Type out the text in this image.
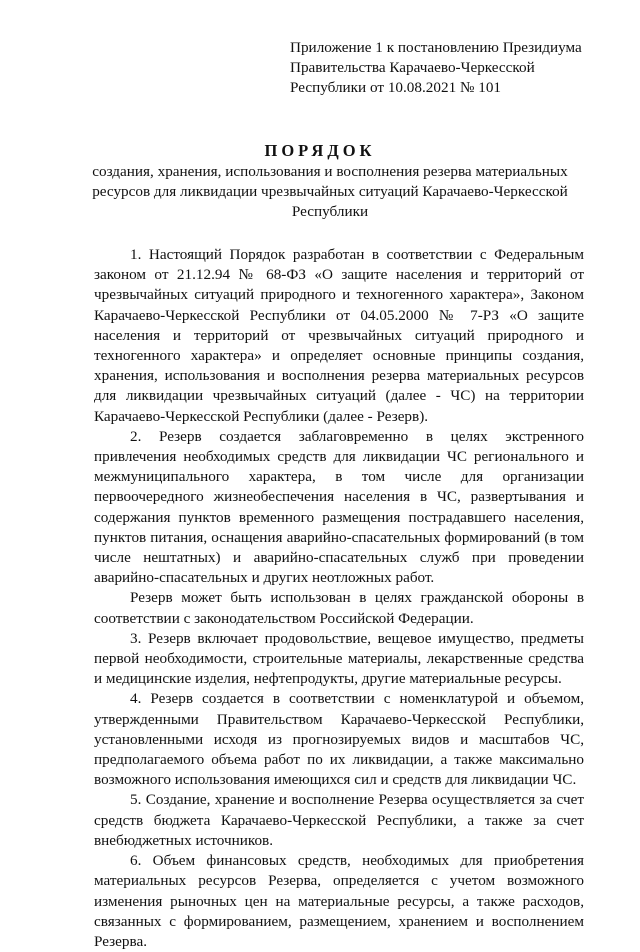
Приложение 1 к постановлению Президиума
Правительства Карачаево-Черкесской
Республики от 10.08.2021 № 101
ПОРЯДОК
создания, хранения, использования и восполнения резерва материальных ресурсов для ликвидации чрезвычайных ситуаций Карачаево-Черкесской Республики

1. Настоящий Порядок разработан в соответствии с Федеральным законом от 21.12.94 № 68-ФЗ «О защите населения и территорий от чрезвычайных ситуаций природного и техногенного характера», Законом Карачаево-Черкесской Республики от 04.05.2000 № 7-РЗ «О защите населения и территорий от чрезвычайных ситуаций природного и техногенного характера» и определяет основные принципы создания, хранения, использования и восполнения резерва материальных ресурсов для ликвидации чрезвычайных ситуаций (далее - ЧС) на территории Карачаево-Черкесской Республики (далее - Резерв).

2. Резерв создается заблаговременно в целях экстренного привлечения необходимых средств для ликвидации ЧС регионального и межмуниципального характера, в том числе для организации первоочередного жизнеобеспечения населения в ЧС, развертывания и содержания пунктов временного размещения пострадавшего населения, пунктов питания, оснащения аварийно-спасательных формирований (в том числе нештатных) и аварийно-спасательных служб при проведении аварийно-спасательных и других неотложных работ.

Резерв может быть использован в целях гражданской обороны в соответствии с законодательством Российской Федерации.

3. Резерв включает продовольствие, вещевое имущество, предметы первой необходимости, строительные материалы, лекарственные средства и медицинские изделия, нефтепродукты, другие материальные ресурсы.

4. Резерв создается в соответствии с номенклатурой и объемом, утвержденными Правительством Карачаево-Черкесской Республики, установленными исходя из прогнозируемых видов и масштабов ЧС, предполагаемого объема работ по их ликвидации, а также максимально возможного использования имеющихся сил и средств для ликвидации ЧС.

5. Создание, хранение и восполнение Резерва осуществляется за счет средств бюджета Карачаево-Черкесской Республики, а также за счет внебюджетных источников.

6. Объем финансовых средств, необходимых для приобретения материальных ресурсов Резерва, определяется с учетом возможного изменения рыночных цен на материальные ресурсы, а также расходов, связанных с формированием, размещением, хранением и восполнением Резерва.
